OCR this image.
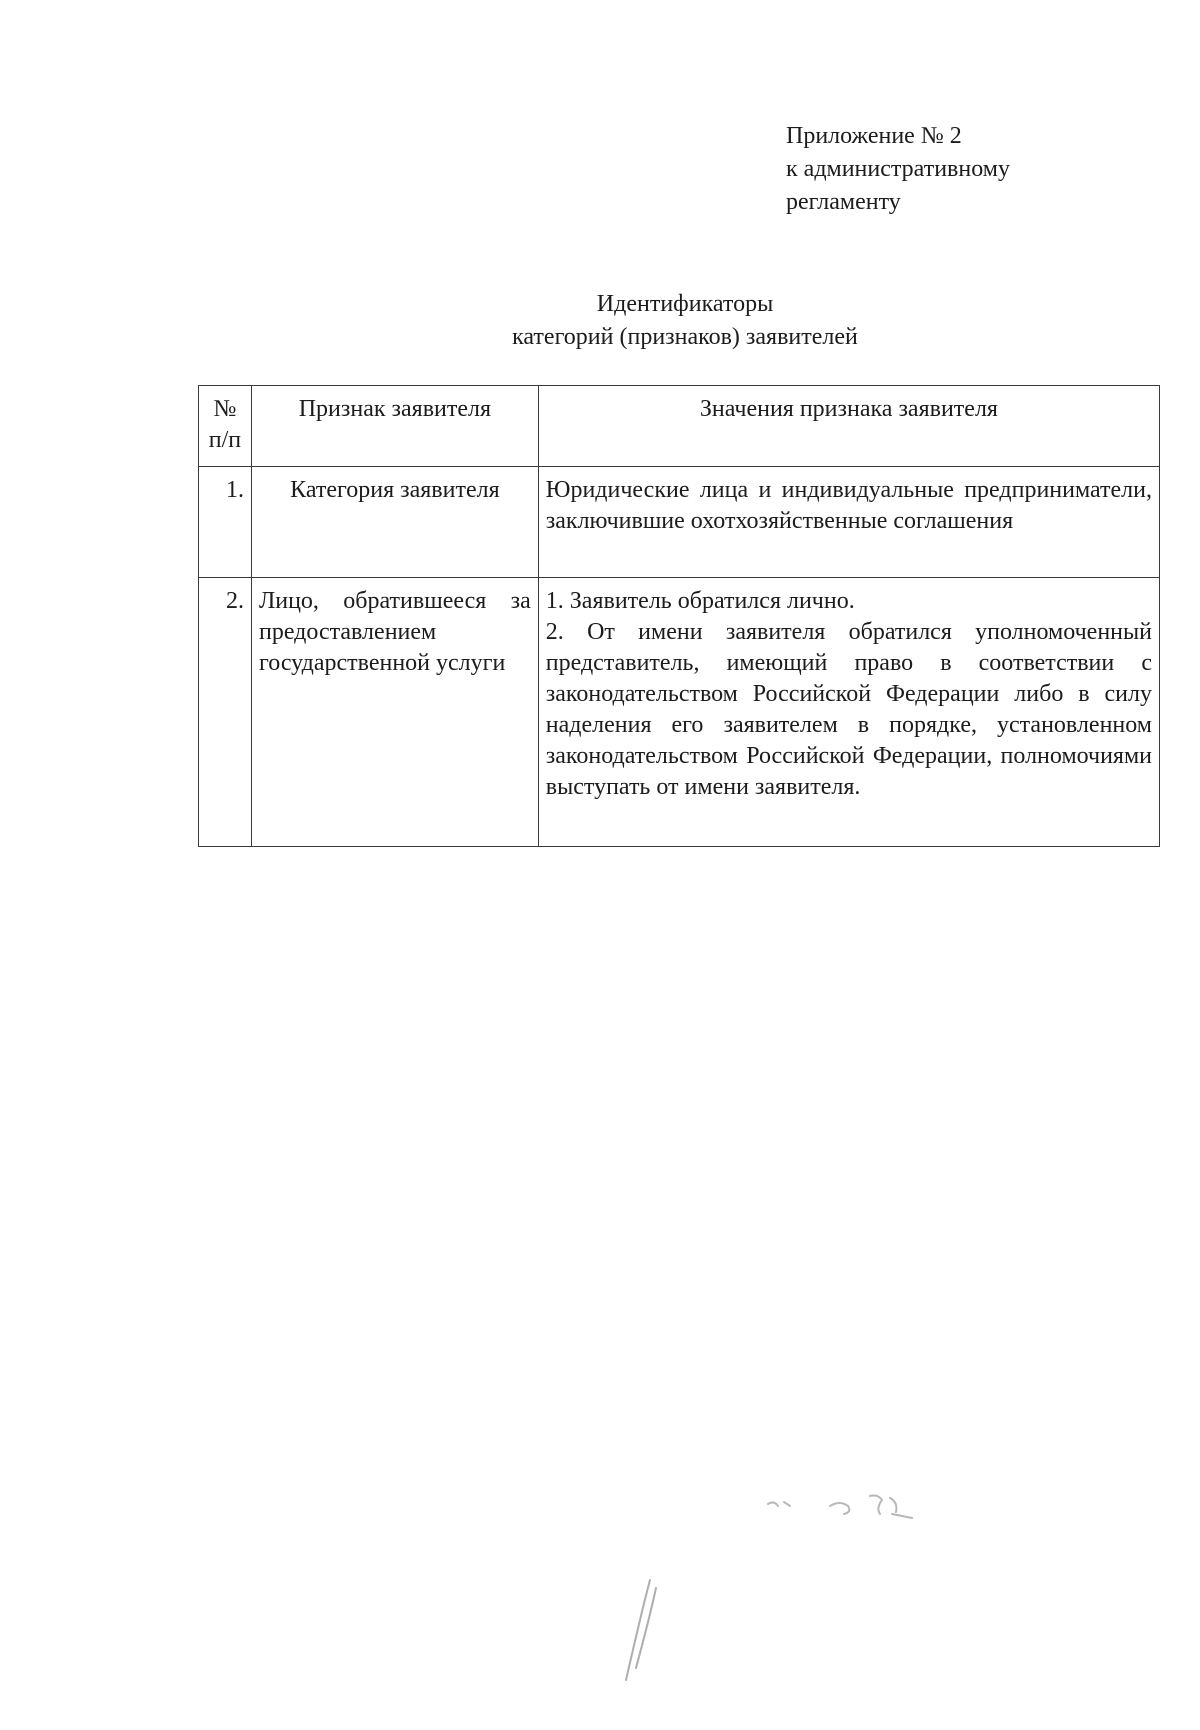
Приложение № 2
к административному
регламенту
Идентификаторы
категорий (признаков) заявителей
№ п/п	Признак заявителя	Значения признака заявителя
1.	Категория заявителя	Юридические лица и индивидуальные предприниматели, заключившие охотхозяйственные соглашения

2.	Лицо, обратившееся за предоставлением государственной услуги	1. Заявитель обратился лично.

2. От имени заявителя обратился уполномоченный представитель, имеющий право в соответствии с законодательством Российской Федерации либо в силу наделения его заявителем в порядке, установленном законодательством Российской Федерации, полномочиями выступать от имени заявителя.
